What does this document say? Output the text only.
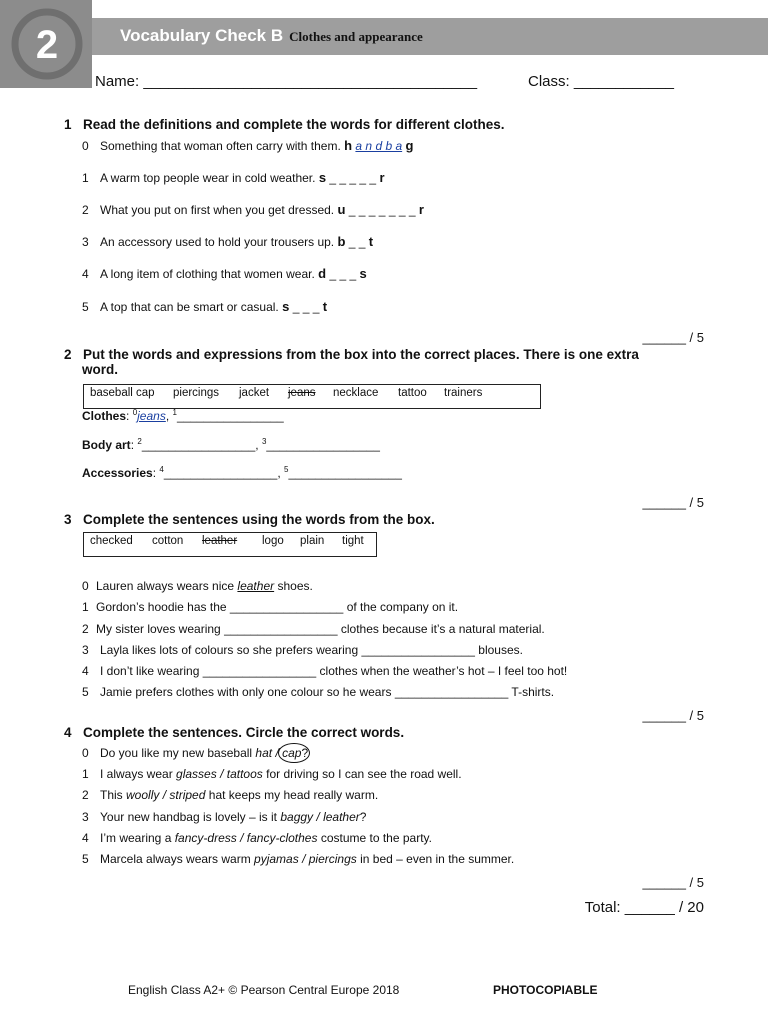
2	Vocabulary Check B Clothes and appearance
Name: ________________________________________	Class: ____________
1 Read the definitions and complete the words for different clothes.
0 Something that woman often carry with them. h a n d b a g
1 A warm top people wear in cold weather. s _ _ _ _ _ r
2 What you put on first when you get dressed. u _ _ _ _ _ _ _ r
3 An accessory used to hold your trousers up. b _ _ t
4 A long item of clothing that women wear. d _ _ _ s
5 A top that can be smart or casual. s _ _ _ t
______ / 5
2 Put the words and expressions from the box into the correct places. There is one extra
word.
baseball cap piercings jacket jeans necklace tattoo trainers
Clothes: $^0$jeans, $^1$________________
Body art: $^2$_________________, $^3$_________________
Accessories: $^4$_________________, $^5$_________________
______ / 5
3 Complete the sentences using the words from the box.
checked cotton leather logo plain tight
0 Lauren always wears nice leather shoes.
1 Gordon’s hoodie has the _________________ of the company on it.
2 My sister loves wearing _________________ clothes because it’s a natural material.
3 Layla likes lots of colours so she prefers wearing _________________ blouses.
4 I don’t like wearing _________________ clothes when the weather’s hot – I feel too hot!
5 Jamie prefers clothes with only one colour so he wears _________________ T-shirts.
______ / 5
4 Complete the sentences. Circle the correct words.
0 Do you like my new baseball hat / cap?
1 I always wear glasses / tattoos for driving so I can see the road well.
2 This woolly / striped hat keeps my head really warm.
3 Your new handbag is lovely – is it baggy / leather?
4 I’m wearing a fancy-dress / fancy-clothes costume to the party.
5 Marcela always wears warm pyjamas / piercings in bed – even in the summer.
______ / 5
Total: ______ / 20
English Class A2+ © Pearson Central Europe 2018	PHOTOCOPIABLE
